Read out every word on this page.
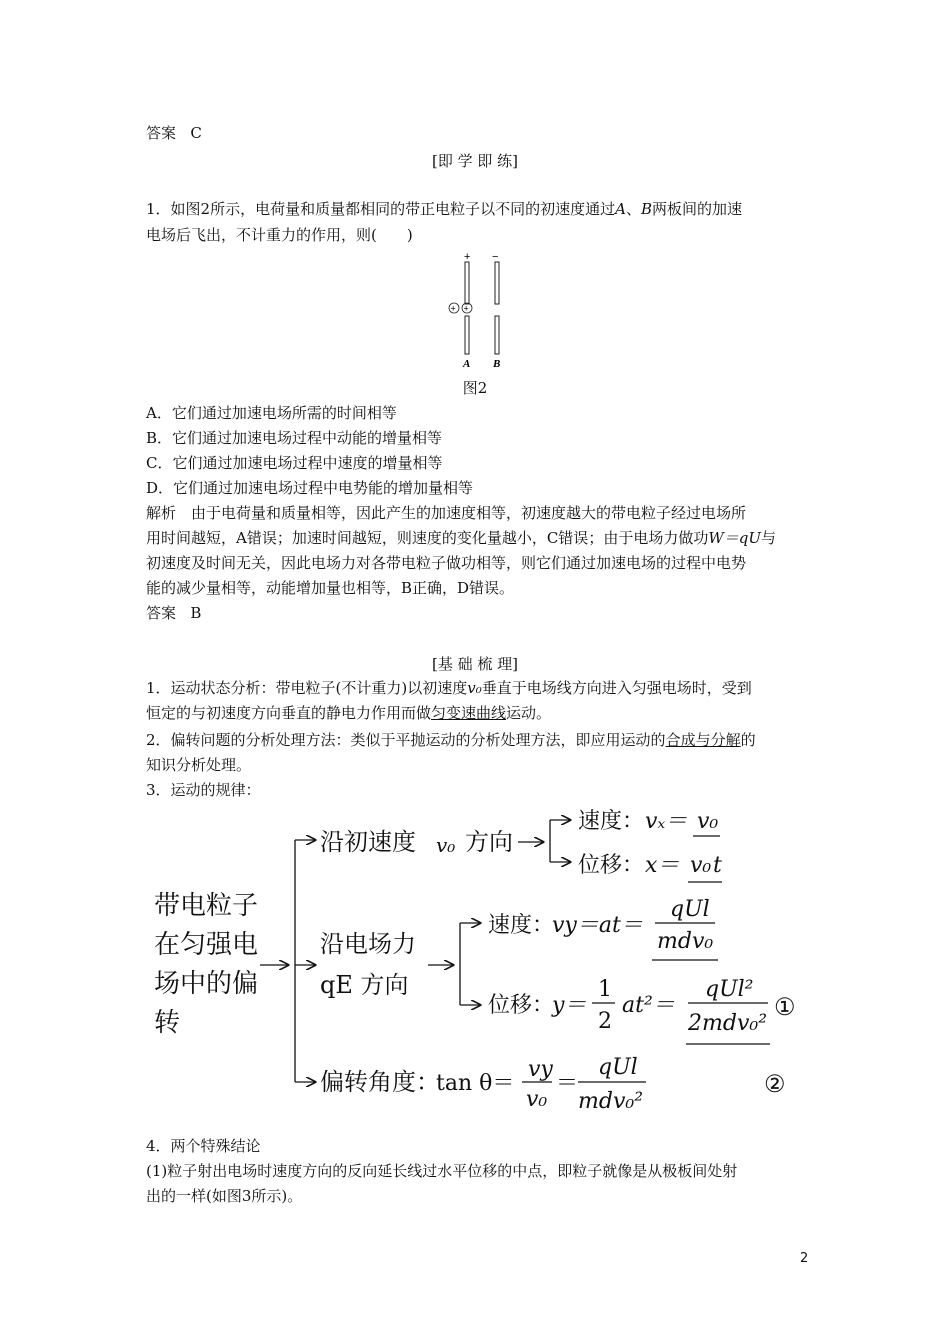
答案 C
[即 学 即 练]
1．如图2所示，电荷量和质量都相同的带正电粒子以不同的初速度通过A、B两板间的加速
电场后飞出，不计重力的作用，则(　　)
+ −
+ +
A B
图2
A．它们通过加速电场所需的时间相等
B．它们通过加速电场过程中动能的增量相等
C．它们通过加速电场过程中速度的增量相等
D．它们通过加速电场过程中电势能的增加量相等
解析　由于电荷量和质量相等，因此产生的加速度相等，初速度越大的带电粒子经过电场所
用时间越短，A错误；加速时间越短，则速度的变化量越小，C错误；由于电场力做功W＝qU与
初速度及时间无关，因此电场力对各带电粒子做功相等，则它们通过加速电场的过程中电势
能的减少量相等，动能增加量也相等，B正确，D错误。
答案 B
[基 础 梳 理]
1．运动状态分析：带电粒子(不计重力)以初速度v₀垂直于电场线方向进入匀强电场时，受到
恒定的与初速度方向垂直的静电力作用而做匀变速曲线运动。
2．偏转问题的分析处理方法：类似于平抛运动的分析处理方法，即应用运动的合成与分解的
知识分析处理。
3．运动的规律：
带电粒子
在匀强电
场中的偏
转
沿初速度 v₀ 方向
速度： vₓ＝ v₀
位移： x＝ v₀ t
沿电场力
qE 方向
速度：
vy＝at＝
qUl
mdv₀
位移：
y＝
1
2
at²＝
qUl²
2mdv₀²
①
偏转角度：
tan θ＝
vy
v₀
＝
qUl
mdv₀²
②
4．两个特殊结论
(1)粒子射出电场时速度方向的反向延长线过水平位移的中点，即粒子就像是从极板间处射
出的一样(如图3所示)。
2
